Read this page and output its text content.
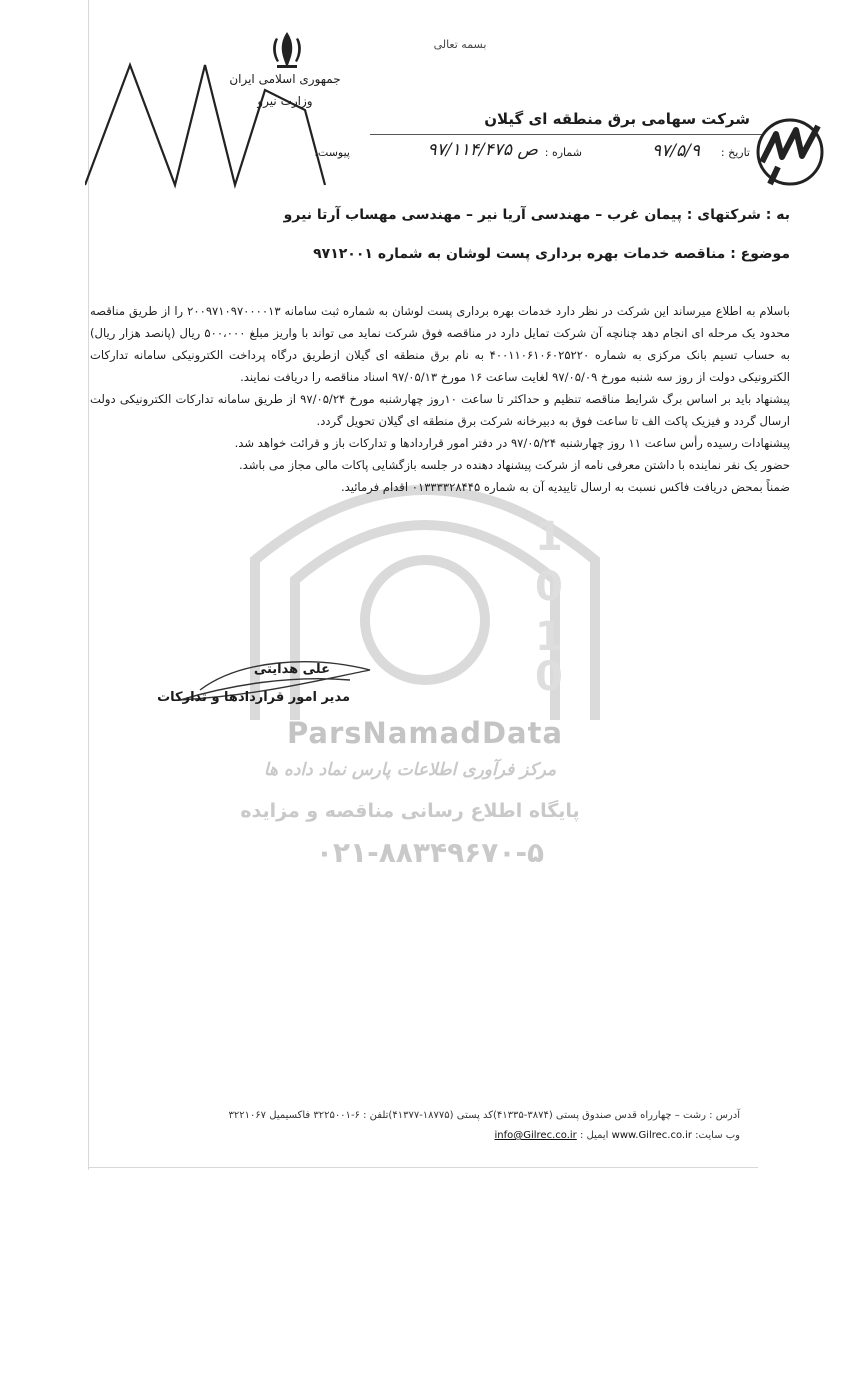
1
0
1
0
بسمه تعالی
جمهوری اسلامی ایران
وزارت نیرو
شرکت سهامی برق منطقه ای گیلان
تاریخ :
۹۷/۵/۹
شماره :
ص ۹۷/۱۱۴/۴۷۵
پیوست:
به : شرکتهای : پیمان غرب – مهندسی آریا نیر – مهندسی مهساب آرتا نیرو
موضوع : مناقصه خدمات بهره برداری پست لوشان به شماره ۹۷۱۲۰۰۱

باسلام به اطلاع میرساند این شرکت در نظر دارد خدمات بهره برداری پست لوشان به شماره ثبت سامانه ۲۰۰۹۷۱۰۹۷۰۰۰۰۱۳ را از طریق مناقصه محدود یک مرحله ای انجام دهد چنانچه آن شرکت تمایل دارد در مناقصه فوق شرکت نماید می تواند با واریز مبلغ ۵۰۰،۰۰۰ ریال (پانصد هزار ریال) به حساب تسیم بانک مرکزی به شماره ۴۰۰۱۱۰۶۱۰۶۰۲۵۲۲۰ به نام برق منطقه ای گیلان ازطریق درگاه پرداخت الکترونیکی سامانه تدارکات الکترونیکی دولت از روز سه شنبه مورخ ۹۷/۰۵/۰۹ لغایت ساعت ۱۶ مورخ ۹۷/۰۵/۱۳ اسناد مناقصه را دریافت نمایند.

پیشنهاد باید بر اساس برگ شرایط مناقصه تنظیم و حداکثر تا ساعت ۱۰روز چهارشنبه مورخ ۹۷/۰۵/۲۴ از طریق سامانه تدارکات الکترونیکی دولت ارسال گردد و فیزیک پاکت الف تا ساعت فوق به دبیرخانه شرکت برق منطقه ای گیلان تحویل گردد.

پیشنهادات رسیده رأس ساعت ۱۱ روز چهارشنبه ۹۷/۰۵/۲۴ در دفتر امور قراردادها و تدارکات باز و قرائت خواهد شد.

حضور یک نفر نماینده با داشتن معرفی نامه از شرکت پیشنهاد دهنده در جلسه بازگشایی پاکات مالی مجاز می باشد.

ضمناً بمحض دریافت فاکس نسبت به ارسال تاییدیه آن به شماره ۰۱۳۳۳۳۲۸۴۴۵ اقدام فرمائید.

علی هدایتی
مدیر امور قراردادها و تدارکات
ParsNamadData
مرکز فرآوری اطلاعات پارس نماد داده ها
پایگاه اطلاع رسانی مناقصه و مزایده
۰۲۱-۸۸۳۴۹۶۷۰-۵
آدرس : رشت – چهارراه قدس صندوق پستی (۳۸۷۴-۴۱۳۳۵)کد پستی (۱۸۷۷۵-۴۱۳۷۷)تلفن : ۶-۳۲۲۵۰۰۱ فاکسیمیل ۳۲۲۱۰۶۷
وب سایت: www.Gilrec.co.ir ایمیل : info@Gilrec.co.ir
